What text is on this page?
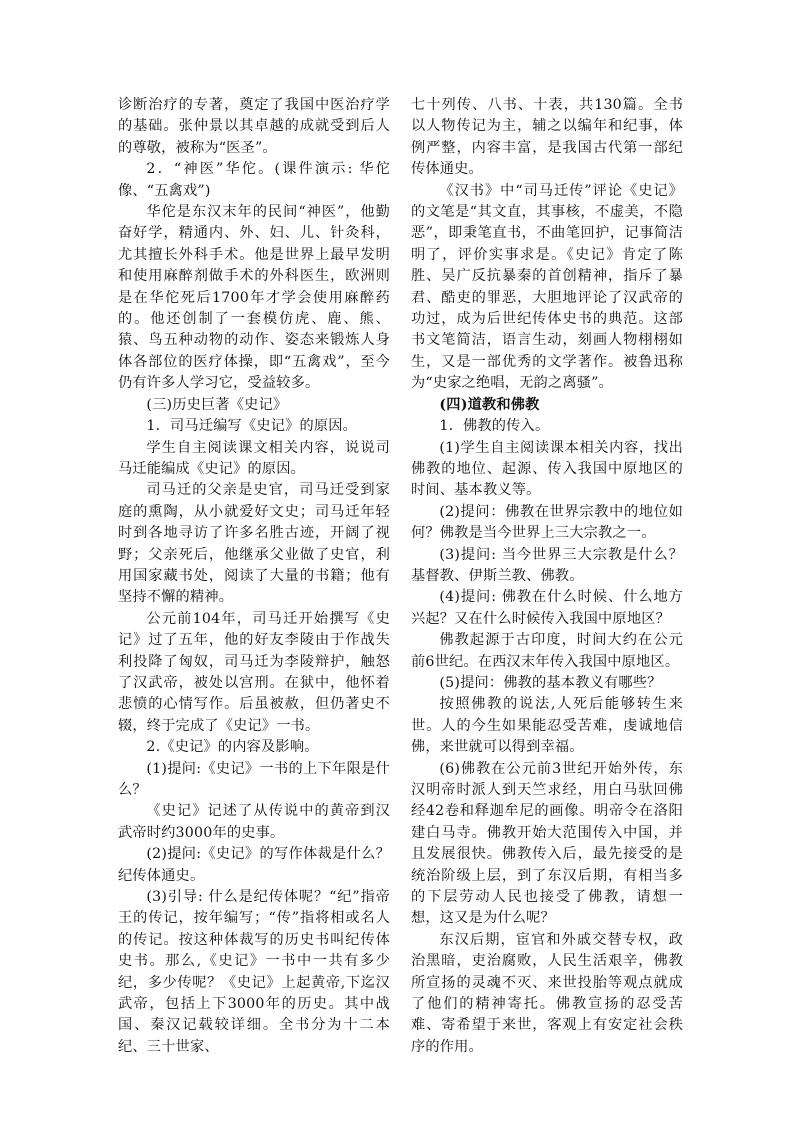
诊断治疗的专著，奠定了我国中医治疗学的基础。张仲景以其卓越的成就受到后人的尊敬，被称为“医圣”。

2．“神医”华佗。(课件演示: 华佗像、“五禽戏”)

华佗是东汉末年的民间“神医”，他勤奋好学，精通内、外、妇、儿、针灸科，尤其擅长外科手术。他是世界上最早发明和使用麻醉剂做手术的外科医生，欧洲则是在华佗死后1700年才学会使用麻醉药的。他还创制了一套模仿虎、鹿、熊、猿、鸟五种动物的动作、姿态来锻炼人身体各部位的医疗体操，即“五禽戏”，至今仍有许多人学习它，受益较多。

(三)历史巨著《史记》

1．司马迁编写《史记》的原因。

学生自主阅读课文相关内容，说说司马迁能编成《史记》的原因。

司马迁的父亲是史官，司马迁受到家庭的熏陶，从小就爱好文史；司马迁年轻时到各地寻访了许多名胜古迹，开阔了视野；父亲死后，他继承父业做了史官，利用国家藏书处，阅读了大量的书籍；他有坚持不懈的精神。

公元前104年，司马迁开始撰写《史记》过了五年，他的好友李陵由于作战失利投降了匈奴，司马迁为李陵辩护，触怒了汉武帝，被处以宫刑。在狱中，他怀着悲愤的心情写作。后虽被赦，但仍著史不辍，终于完成了《史记》一书。

2.《史记》的内容及影响。

(1)提问:《史记》一书的上下年限是什么？

《史记》记述了从传说中的黄帝到汉武帝时约3000年的史事。

(2)提问:《史记》的写作体裁是什么？纪传体通史。

(3)引导: 什么是纪传体呢？“纪”指帝王的传记，按年编写；“传”指将相或名人的传记。按这种体裁写的历史书叫纪传体史书。那么,《史记》一书中一共有多少纪，多少传呢？《史记》上起黄帝,下迄汉武帝，包括上下3000年的历史。其中战国、秦汉记载较详细。全书分为十二本纪、三十世家、

七十列传、八书、十表，共130篇。全书以人物传记为主，辅之以编年和纪事，体例严整，内容丰富，是我国古代第一部纪传体通史。

《汉书》中“司马迁传”评论《史记》的文笔是“其文直，其事核，不虚美，不隐恶”，即秉笔直书，不曲笔回护，记事简洁明了，评价实事求是。《史记》肯定了陈胜、吴广反抗暴秦的首创精神，指斥了暴君、酷吏的罪恶，大胆地评论了汉武帝的功过，成为后世纪传体史书的典范。这部书文笔简洁，语言生动，刻画人物栩栩如生，又是一部优秀的文学著作。被鲁迅称为“史家之绝唱，无韵之离骚”。

(四)道教和佛教

1．佛教的传入。

(1)学生自主阅读课本相关内容，找出佛教的地位、起源、传入我国中原地区的时间、基本教义等。

(2)提问：佛教在世界宗教中的地位如何？佛教是当今世界上三大宗教之一。

(3)提问: 当今世界三大宗教是什么？基督教、伊斯兰教、佛教。

(4)提问: 佛教在什么时候、什么地方兴起？又在什么时候传入我国中原地区？

佛教起源于古印度，时间大约在公元前6世纪。在西汉末年传入我国中原地区。

(5)提问：佛教的基本教义有哪些？

按照佛教的说法,人死后能够转生来世。人的今生如果能忍受苦难，虔诚地信佛，来世就可以得到幸福。

(6)佛教在公元前3世纪开始外传，东汉明帝时派人到天竺求经，用白马驮回佛经42卷和释迦牟尼的画像。明帝令在洛阳建白马寺。佛教开始大范围传入中国，并且发展很快。佛教传入后，最先接受的是统治阶级上层，到了东汉后期，有相当多的下层劳动人民也接受了佛教，请想一想，这又是为什么呢？

东汉后期，宦官和外戚交替专权，政治黑暗，吏治腐败，人民生活艰辛，佛教所宣扬的灵魂不灭、来世投胎等观点就成了他们的精神寄托。佛教宣扬的忍受苦难、寄希望于来世，客观上有安定社会秩序的作用。
